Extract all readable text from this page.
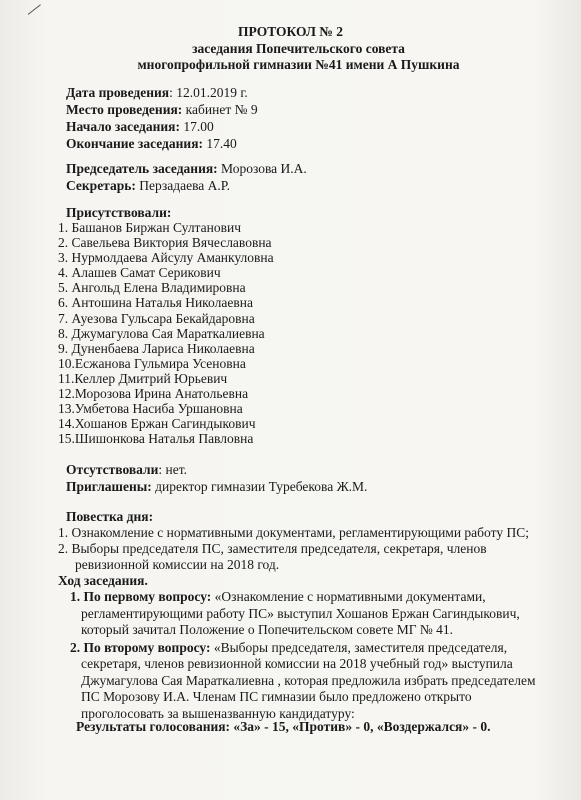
ПРОТОКОЛ № 2
заседания Попечительского совета
многопрофильной гимназии №41 имени А Пушкина
Дата проведения: 12.01.2019 г.
Место проведения: кабинет № 9
Начало заседания: 17.00
Окончание заседания: 17.40
Председатель заседания: Морозова И.А.
Секретарь: Перзадаева А.Р.
Присутствовали:
1. Башанов Биржан Султанович
2. Савельева Виктория Вячеславовна
3. Нурмолдаева Айсулу Аманкуловна
4. Алашев Самат Серикович
5. Ангольд Елена Владимировна
6. Антошина Наталья Николаевна
7. Ауезова Гульсара Бекайдаровна
8. Джумагулова Сая Мараткалиевна
9. Дуненбаева Лариса Николаевна
10.Есжанова Гульмира Усеновна
11.Келлер Дмитрий Юрьевич
12.Морозова Ирина Анатольевна
13.Умбетова Насиба Уршановна
14.Хошанов Ержан Сагиндыкович
15.Шишонкова Наталья Павловна
Отсутствовали: нет.
Приглашены: директор гимназии Туребекова Ж.М.
Повестка дня:
1. Ознакомление с нормативными документами, регламентирующими работу ПС;
2. Выборы председателя ПС, заместителя председателя, секретаря, членов
ревизионной комиссии на 2018 год.
Ход заседания.
1. По первому вопросу: «Ознакомление с нормативными документами,
регламентирующими работу ПС» выступил Хошанов Ержан Сагиндыкович,
который зачитал Положение о Попечительском совете МГ № 41.
2. По второму вопросу: «Выборы председателя, заместителя председателя,
секретаря, членов ревизионной комиссии на 2018 учебный год» выступила
Джумагулова Сая Мараткалиевна , которая предложила избрать председателем
ПС Морозову И.А. Членам ПС гимназии было предложено открыто
проголосовать за вышеназванную кандидатуру:
Результаты голосования: «За» - 15, «Против» - 0, «Воздержался» - 0.
